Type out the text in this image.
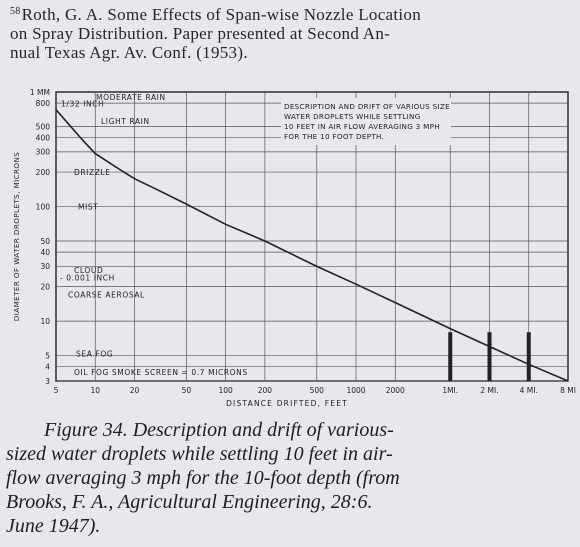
$^{58}$Roth, G. A. Some Effects of Span-wise Nozzle Location
on Spray Distribution. Paper presented at Second An-
nual Texas Agr. Av. Conf. (1953).
1 MM
800
500
400
300
200
100
50
40
30
20
10
5
4
3
5	10	20	50	100	200	500	1000	2000	1MI.	2 MI.	4 MI.	8 MI
DISTANCE DRIFTED, FEET
DIAMETER OF WATER DROPLETS, MICRONS
1/32 INCH
MODERATE RAIN
LIGHT RAIN
DRIZZLE
MIST
CLOUD
- 0.001 INCH
COARSE AEROSAL
SEA FOG
OIL FOG SMOKE SCREEN = 0.7 MICRONS
DESCRIPTION AND DRIFT OF VARIOUS SIZE
WATER DROPLETS WHILE SETTLING
10 FEET IN AIR FLOW AVERAGING 3 MPH
FOR THE 10 FOOT DEPTH.
Figure 34. Description and drift of various-
sized water droplets while settling 10 feet in air-
flow averaging 3 mph for the 10-foot depth (from
Brooks, F. A., Agricultural Engineering, 28:6.
June 1947).
